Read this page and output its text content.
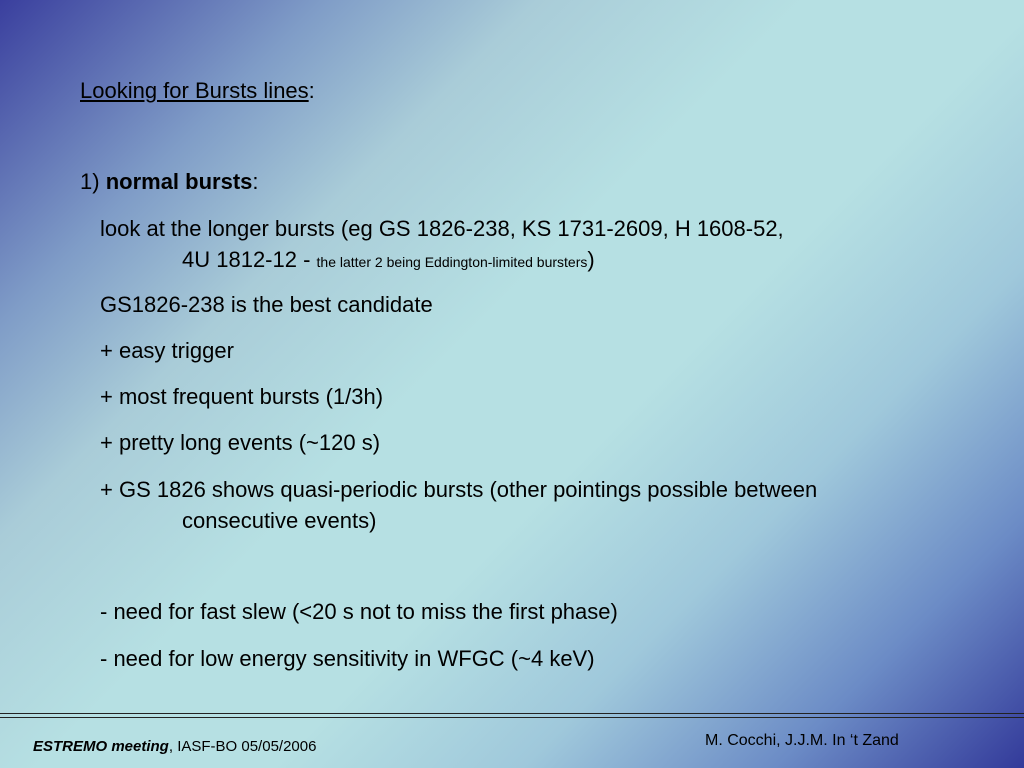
Looking for Bursts lines:
1) normal bursts:
look at the longer bursts (eg GS 1826-238, KS 1731-2609, H 1608-52,
4U 1812-12 - the latter 2 being Eddington-limited bursters)
GS1826-238 is the best candidate
+ easy trigger
+ most frequent bursts (1/3h)
+ pretty long events (~120 s)
+ GS 1826 shows quasi-periodic bursts (other pointings possible between
consecutive events)
- need for fast slew (<20 s not to miss the first phase)
- need for low energy sensitivity in WFGC (~4 keV)
ESTREMO meeting, IASF-BO 05/05/2006	M. Cocchi, J.J.M. In ‘t Zand
